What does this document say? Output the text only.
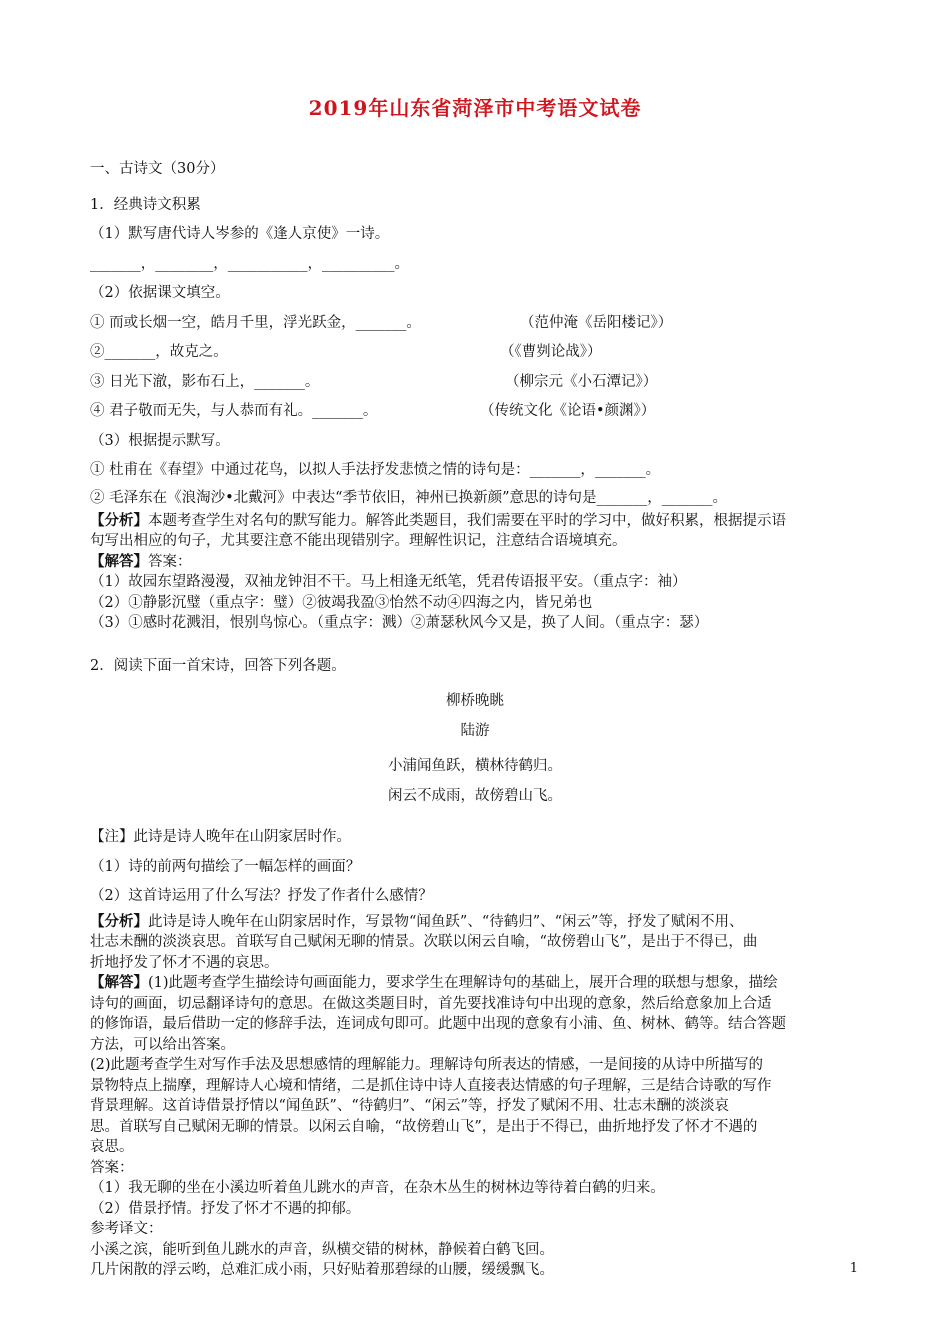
2019年山东省菏泽市中考语文试卷
一、古诗文（30分）
1．经典诗文积累
（1）默写唐代诗人岑参的《逢人京使》一诗。
_______，________，___________，__________。
（2）依据课文填空。
① 而或长烟一空，皓月千里，浮光跃金，_______。	（范仲淹《岳阳楼记》）
②_______，故克之。	（《曹刿论战》）
③ 日光下澈，影布石上，_______。	（柳宗元《小石潭记》）
④ 君子敬而无失，与人恭而有礼。_______。	（传统文化《论语•颜渊》）
（3）根据提示默写。
① 杜甫在《春望》中通过花鸟，以拟人手法抒发悲愤之情的诗句是：_______，_______。
② 毛泽东在《浪淘沙•北戴河》中表达“季节依旧，神州已换新颜”意思的诗句是_______，_______。
【分析】本题考查学生对名句的默写能力。解答此类题目，我们需要在平时的学习中，做好积累，根据提示语
句写出相应的句子，尤其要注意不能出现错别字。理解性识记，注意结合语境填充。
【解答】答案：
（1）故园东望路漫漫，双袖龙钟泪不干。马上相逢无纸笔，凭君传语报平安。（重点字：袖）
（2）①静影沉璧（重点字：璧）②彼竭我盈③怡然不动④四海之内，皆兄弟也
（3）①感时花溅泪，恨别鸟惊心。（重点字：溅）②萧瑟秋风今又是，换了人间。（重点字：瑟）
2．阅读下面一首宋诗，回答下列各题。
柳桥晚眺
陆游
小浦闻鱼跃，横林待鹤归。
闲云不成雨，故傍碧山飞。
【注】此诗是诗人晚年在山阴家居时作。
（1）诗的前两句描绘了一幅怎样的画面？
（2）这首诗运用了什么写法？抒发了作者什么感情？
【分析】此诗是诗人晚年在山阴家居时作，写景物“闻鱼跃”、“待鹤归”、“闲云”等，抒发了赋闲不用、
壮志未酬的淡淡哀思。首联写自己赋闲无聊的情景。次联以闲云自喻，“故傍碧山飞”，是出于不得已，曲
折地抒发了怀才不遇的哀思。
【解答】(1)此题考查学生描绘诗句画面能力，要求学生在理解诗句的基础上，展开合理的联想与想象，描绘
诗句的画面，切忌翻译诗句的意思。在做这类题目时，首先要找准诗句中出现的意象，然后给意象加上合适
的修饰语，最后借助一定的修辞手法，连词成句即可。此题中出现的意象有小浦、鱼、树林、鹤等。结合答题
方法，可以给出答案。
(2)此题考查学生对写作手法及思想感情的理解能力。理解诗句所表达的情感，一是间接的从诗中所描写的
景物特点上揣摩，理解诗人心境和情绪，二是抓住诗中诗人直接表达情感的句子理解，三是结合诗歌的写作
背景理解。这首诗借景抒情以“闻鱼跃”、“待鹤归”、“闲云”等，抒发了赋闲不用、壮志未酬的淡淡哀
思。首联写自己赋闲无聊的情景。以闲云自喻，“故傍碧山飞”，是出于不得已，曲折地抒发了怀才不遇的
哀思。
答案：
（1）我无聊的坐在小溪边听着鱼儿跳水的声音，在杂木丛生的树林边等待着白鹤的归来。
（2）借景抒情。抒发了怀才不遇的抑郁。
参考译文：
小溪之滨，能听到鱼儿跳水的声音，纵横交错的树林，静候着白鹤飞回。
几片闲散的浮云哟，总难汇成小雨，只好贴着那碧绿的山腰，缓缓飘飞。	1
